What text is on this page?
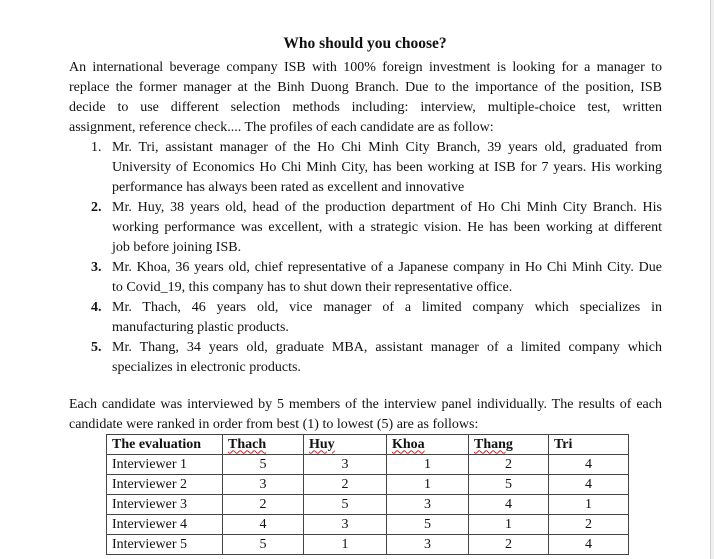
Who should you choose?
An international beverage company ISB with 100% foreign investment is looking for a manager to
replace the former manager at the Binh Duong Branch. Due to the importance of the position, ISB
decide to use different selection methods including: interview, multiple-choice test, written
assignment, reference check.... The profiles of each candidate are as follow:
1. Mr. Tri, assistant manager of the Ho Chi Minh City Branch, 39 years old, graduated from
University of Economics Ho Chi Minh City, has been working at ISB for 7 years. His working
performance has always been rated as excellent and innovative
2. Mr. Huy, 38 years old, head of the production department of Ho Chi Minh City Branch. His
working performance was excellent, with a strategic vision. He has been working at different
job before joining ISB.
3. Mr. Khoa, 36 years old, chief representative of a Japanese company in Ho Chi Minh City. Due
to Covid_19, this company has to shut down their representative office.
4. Mr. Thach, 46 years old, vice manager of a limited company which specializes in
manufacturing plastic products.
5. Mr. Thang, 34 years old, graduate MBA, assistant manager of a limited company which
specializes in electronic products.
Each candidate was interviewed by 5 members of the interview panel individually. The results of each
candidate were ranked in order from best (1) to lowest (5) are as follows:
The evaluation	Thach	Huy	Khoa	Thang	Tri
Interviewer 1	5	3	1	2	4
Interviewer 2	3	2	1	5	4
Interviewer 3	2	5	3	4	1
Interviewer 4	4	3	5	1	2
Interviewer 5	5	1	3	2	4
